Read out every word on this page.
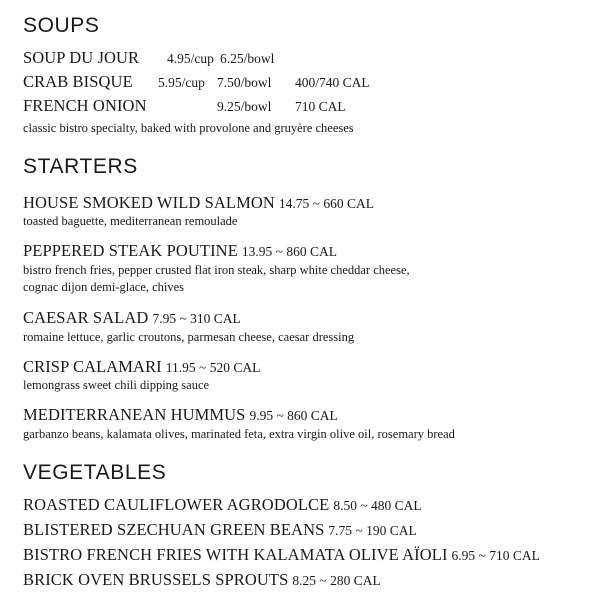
SOUPS
SOUP DU JOUR 4.95/cup 6.25/bowl
CRAB BISQUE 5.95/cup 7.50/bowl 400/740 CAL
FRENCH ONION	9.25/bowl 710 CAL
classic bistro specialty, baked with provolone and gruyère cheeses
STARTERS
HOUSE SMOKED WILD SALMON 14.75 ~ 660 CAL
toasted baguette, mediterranean remoulade
PEPPERED STEAK POUTINE 13.95 ~ 860 CAL
bistro french fries, pepper crusted flat iron steak, sharp white cheddar cheese,
cognac dijon demi-glace, chives
CAESAR SALAD 7.95 ~ 310 CAL
romaine lettuce, garlic croutons, parmesan cheese, caesar dressing
CRISP CALAMARI 11.95 ~ 520 CAL
lemongrass sweet chili dipping sauce
MEDITERRANEAN HUMMUS 9.95 ~ 860 CAL
garbanzo beans, kalamata olives, marinated feta, extra virgin olive oil, rosemary bread
VEGETABLES
ROASTED CAULIFLOWER AGRODOLCE 8.50 ~ 480 CAL
BLISTERED SZECHUAN GREEN BEANS 7.75 ~ 190 CAL
BISTRO FRENCH FRIES WITH KALAMATA OLIVE AÏOLI 6.95 ~ 710 CAL
BRICK OVEN BRUSSELS SPROUTS 8.25 ~ 280 CAL
